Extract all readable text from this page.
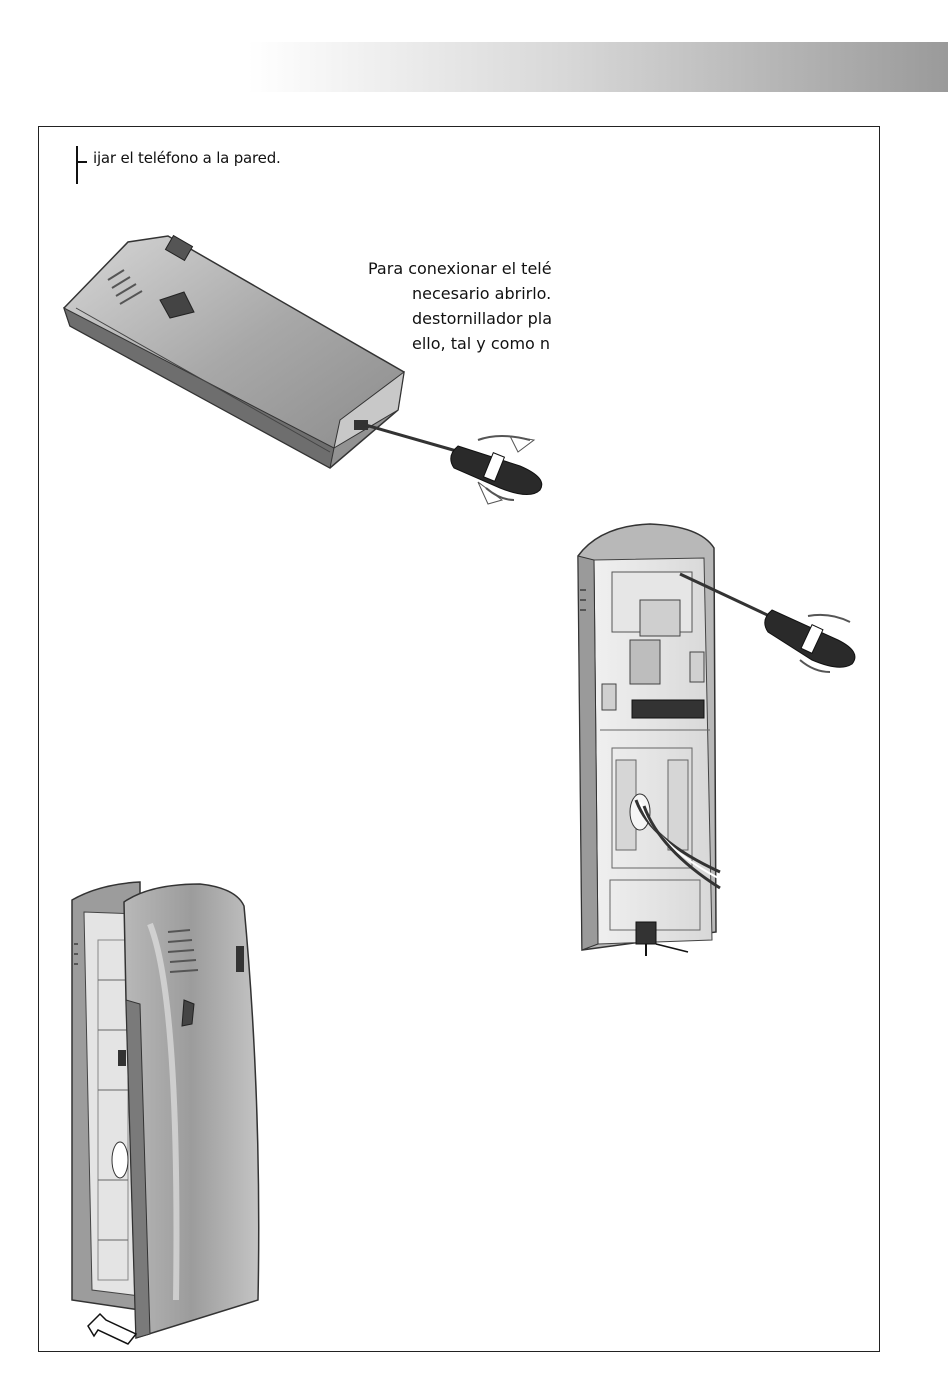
ijar el teléfono a la pared.
Para conexionar el telé
necesario abrirlo.
destornillador pla
ello, tal y como n
